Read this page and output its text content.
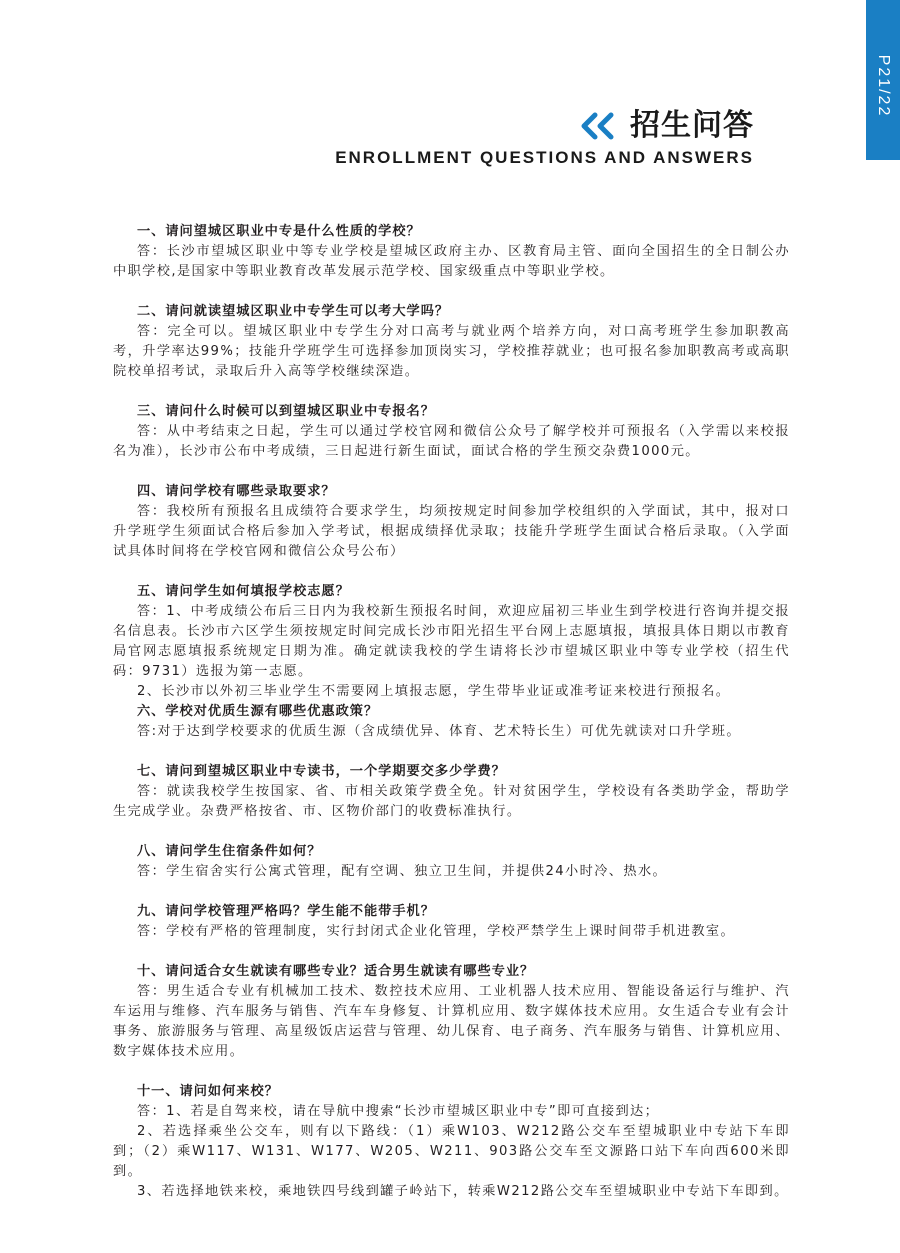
P21/22
招生问答
ENROLLMENT QUESTIONS AND ANSWERS

一、请问望城区职业中专是什么性质的学校？

答：长沙市望城区职业中等专业学校是望城区政府主办、区教育局主管、面向全国招生的全日制公办中职学校,是国家中等职业教育改革发展示范学校、国家级重点中等职业学校。

二、请问就读望城区职业中专学生可以考大学吗？

答：完全可以。望城区职业中专学生分对口高考与就业两个培养方向，对口高考班学生参加职教高考，升学率达99%；技能升学班学生可选择参加顶岗实习，学校推荐就业；也可报名参加职教高考或高职院校单招考试，录取后升入高等学校继续深造。

三、请问什么时候可以到望城区职业中专报名？

答：从中考结束之日起，学生可以通过学校官网和微信公众号了解学校并可预报名（入学需以来校报名为准），长沙市公布中考成绩，三日起进行新生面试，面试合格的学生预交杂费1000元。

四、请问学校有哪些录取要求？

答：我校所有预报名且成绩符合要求学生，均须按规定时间参加学校组织的入学面试，其中，报对口升学班学生须面试合格后参加入学考试，根据成绩择优录取；技能升学班学生面试合格后录取。（入学面试具体时间将在学校官网和微信公众号公布）

五、请问学生如何填报学校志愿？

答：1、中考成绩公布后三日内为我校新生预报名时间，欢迎应届初三毕业生到学校进行咨询并提交报名信息表。长沙市六区学生须按规定时间完成长沙市阳光招生平台网上志愿填报，填报具体日期以市教育局官网志愿填报系统规定日期为准。确定就读我校的学生请将长沙市望城区职业中等专业学校（招生代码：9731）选报为第一志愿。

2、长沙市以外初三毕业学生不需要网上填报志愿，学生带毕业证或准考证来校进行预报名。

六、学校对优质生源有哪些优惠政策？

答:对于达到学校要求的优质生源（含成绩优异、体育、艺术特长生）可优先就读对口升学班。

七、请问到望城区职业中专读书，一个学期要交多少学费？

答：就读我校学生按国家、省、市相关政策学费全免。针对贫困学生，学校设有各类助学金，帮助学生完成学业。杂费严格按省、市、区物价部门的收费标准执行。

八、请问学生住宿条件如何？

答：学生宿舍实行公寓式管理，配有空调、独立卫生间，并提供24小时冷、热水。

九、请问学校管理严格吗？学生能不能带手机？

答：学校有严格的管理制度，实行封闭式企业化管理，学校严禁学生上课时间带手机进教室。

十、请问适合女生就读有哪些专业？适合男生就读有哪些专业？

答：男生适合专业有机械加工技术、数控技术应用、工业机器人技术应用、智能设备运行与维护、汽车运用与维修、汽车服务与销售、汽车车身修复、计算机应用、数字媒体技术应用。女生适合专业有会计事务、旅游服务与管理、高星级饭店运营与管理、幼儿保育、电子商务、汽车服务与销售、计算机应用、数字媒体技术应用。

十一、请问如何来校？

答：1、若是自驾来校，请在导航中搜索“长沙市望城区职业中专”即可直接到达；

2、若选择乘坐公交车，则有以下路线：（1）乘W103、W212路公交车至望城职业中专站下车即到；（2）乘W117、W131、W177、W205、W211、903路公交车至文源路口站下车向西600米即到。

3、若选择地铁来校，乘地铁四号线到罐子岭站下，转乘W212路公交车至望城职业中专站下车即到。
